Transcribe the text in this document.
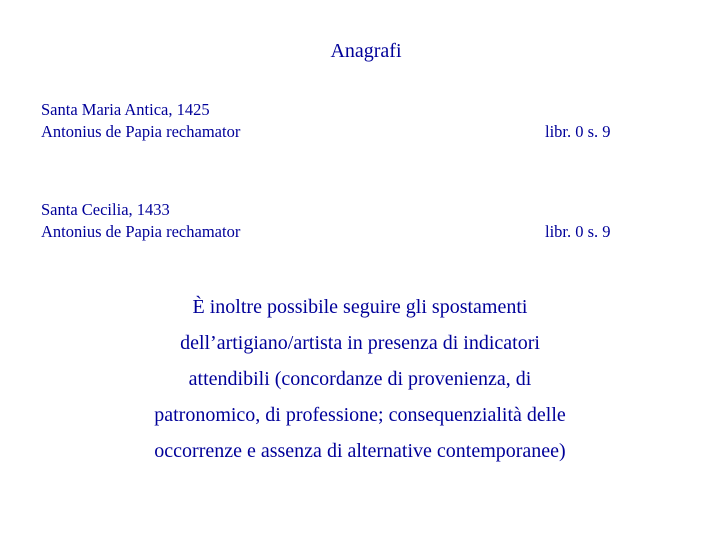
Anagrafi
Santa Maria Antica, 1425
Antonius de Papia rechamator	libr. 0 s. 9
Santa Cecilia, 1433
Antonius de Papia rechamator	libr. 0 s. 9
È inoltre possibile seguire gli spostamenti
dell’artigiano/artista in presenza di indicatori
attendibili (concordanze di provenienza, di
patronomico, di professione; consequenzialità delle
occorrenze e assenza di alternative contemporanee)
